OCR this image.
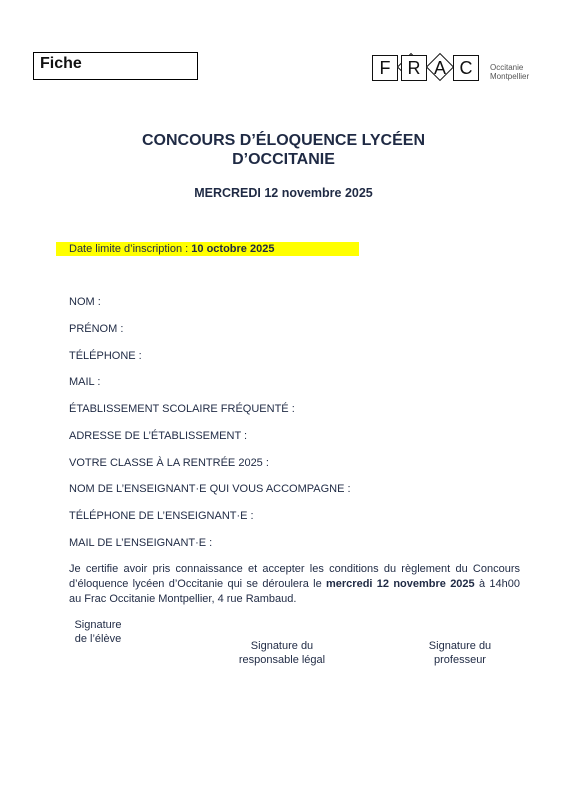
Fiche	F R A C	Occitanie
Montpellier
CONCOURS D’ÉLOQUENCE LYCÉEN
D’OCCITANIE
MERCREDI 12 novembre 2025
Date limite d’inscription : 10 octobre 2025
NOM :
PRÉNOM :
TÉLÉPHONE :
MAIL :
ÉTABLISSEMENT SCOLAIRE FRÉQUENTÉ :
ADRESSE DE L’ÉTABLISSEMENT :
VOTRE CLASSE À LA RENTRÉE 2025 :
NOM DE L’ENSEIGNANT·E QUI VOUS ACCOMPAGNE :
TÉLÉPHONE DE L’ENSEIGNANT·E :
MAIL DE L’ENSEIGNANT·E :
Je certifie avoir pris connaissance et accepter les conditions du règlement du Concours d’éloquence lycéen d’Occitanie qui se déroulera le mercredi 12 novembre 2025 à 14h00 au Frac Occitanie Montpellier, 4 rue Rambaud.
Signature
de l’élève
Signature du
responsable légal
Signature du
professeur
